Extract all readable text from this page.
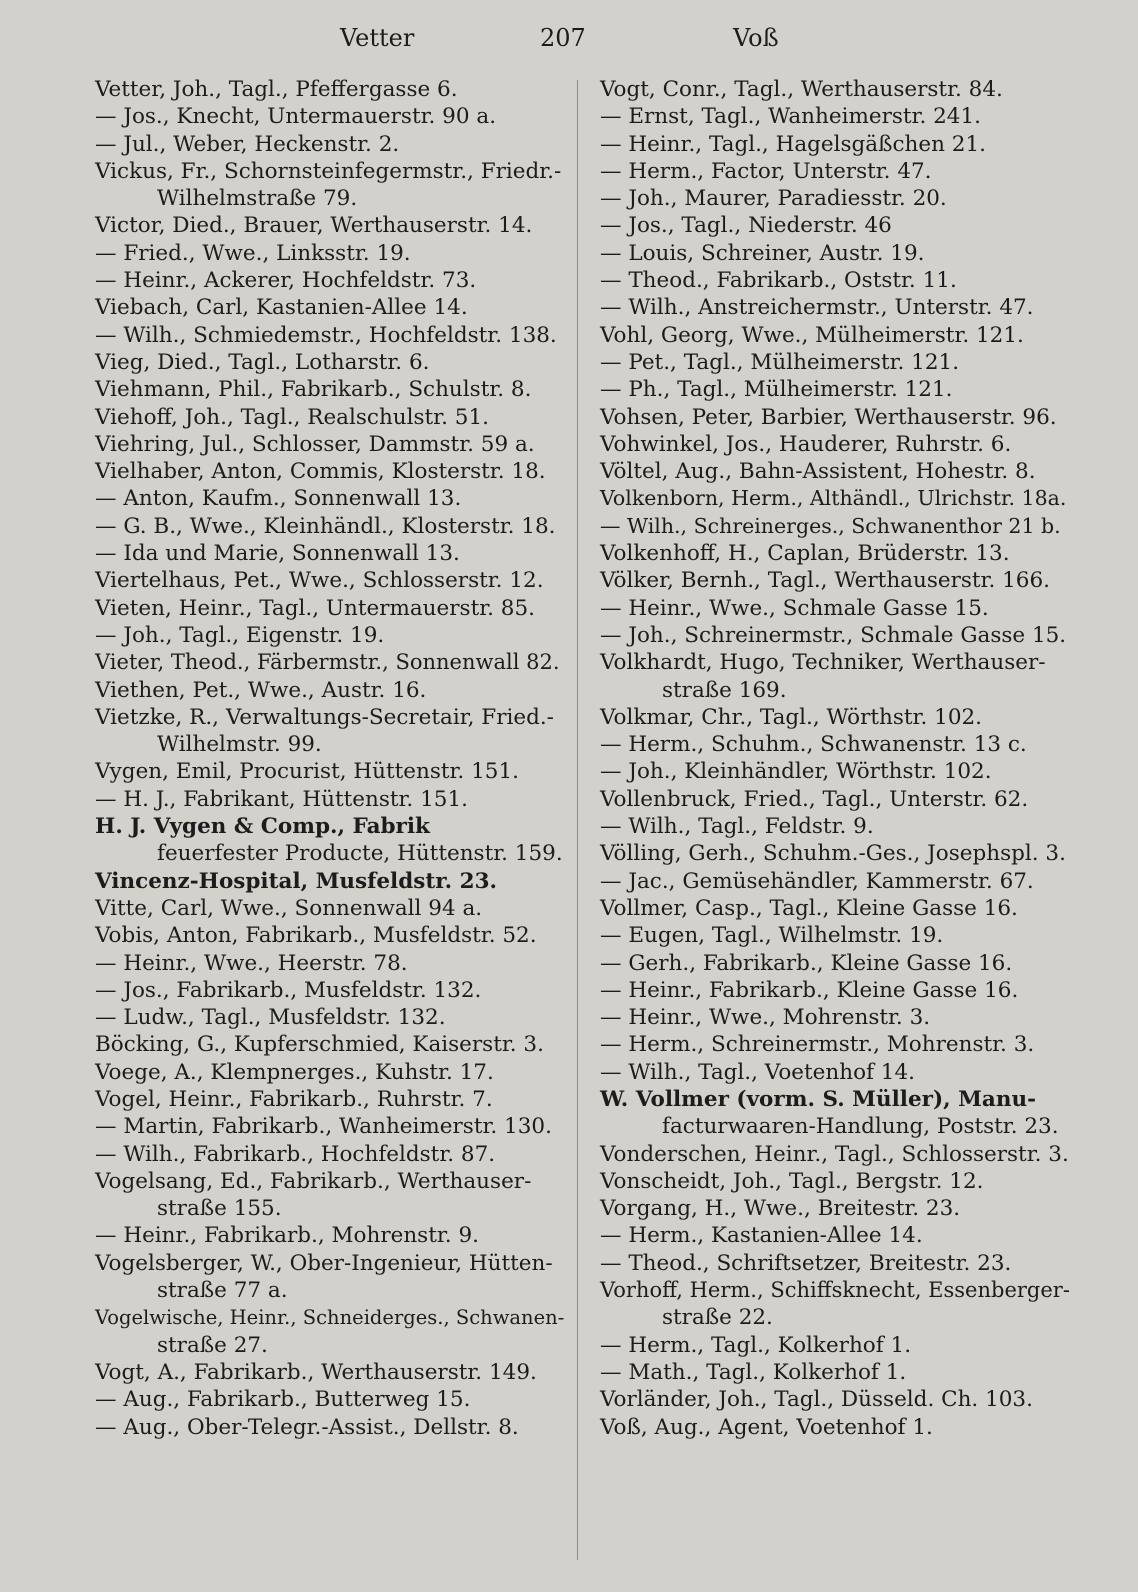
Vetter	207	Voß
Vetter, Joh., Tagl., Pfeffergasse 6.
— Jos., Knecht, Untermauerstr. 90 a.
— Jul., Weber, Heckenstr. 2.
Vickus, Fr., Schornsteinfegermstr., Friedr.-
Wilhelmstraße 79.
Victor, Died., Brauer, Werthauserstr. 14.
— Fried., Wwe., Linksstr. 19.
— Heinr., Ackerer, Hochfeldstr. 73.
Viebach, Carl, Kastanien-Allee 14.
— Wilh., Schmiedemstr., Hochfeldstr. 138.
Vieg, Died., Tagl., Lotharstr. 6.
Viehmann, Phil., Fabrikarb., Schulstr. 8.
Viehoff, Joh., Tagl., Realschulstr. 51.
Viehring, Jul., Schlosser, Dammstr. 59 a.
Vielhaber, Anton, Commis, Klosterstr. 18.
— Anton, Kaufm., Sonnenwall 13.
— G. B., Wwe., Kleinhändl., Klosterstr. 18.
— Ida und Marie, Sonnenwall 13.
Viertelhaus, Pet., Wwe., Schlosserstr. 12.
Vieten, Heinr., Tagl., Untermauerstr. 85.
— Joh., Tagl., Eigenstr. 19.
Vieter, Theod., Färbermstr., Sonnenwall 82.
Viethen, Pet., Wwe., Austr. 16.
Vietzke, R., Verwaltungs-Secretair, Fried.-
Wilhelmstr. 99.
Vygen, Emil, Procurist, Hüttenstr. 151.
— H. J., Fabrikant, Hüttenstr. 151.
H. J. Vygen & Comp., Fabrik
feuerfester Producte, Hüttenstr. 159.
Vincenz-Hospital, Musfeldstr. 23.
Vitte, Carl, Wwe., Sonnenwall 94 a.
Vobis, Anton, Fabrikarb., Musfeldstr. 52.
— Heinr., Wwe., Heerstr. 78.
— Jos., Fabrikarb., Musfeldstr. 132.
— Ludw., Tagl., Musfeldstr. 132.
Böcking, G., Kupferschmied, Kaiserstr. 3.
Voege, A., Klempnerges., Kuhstr. 17.
Vogel, Heinr., Fabrikarb., Ruhrstr. 7.
— Martin, Fabrikarb., Wanheimerstr. 130.
— Wilh., Fabrikarb., Hochfeldstr. 87.
Vogelsang, Ed., Fabrikarb., Werthauser-
straße 155.
— Heinr., Fabrikarb., Mohrenstr. 9.
Vogelsberger, W., Ober-Ingenieur, Hütten-
straße 77 a.
Vogelwische, Heinr., Schneiderges., Schwanen-
straße 27.
Vogt, A., Fabrikarb., Werthauserstr. 149.
— Aug., Fabrikarb., Butterweg 15.
— Aug., Ober-Telegr.-Assist., Dellstr. 8.
Vogt, Conr., Tagl., Werthauserstr. 84.
— Ernst, Tagl., Wanheimerstr. 241.
— Heinr., Tagl., Hagelsgäßchen 21.
— Herm., Factor, Unterstr. 47.
— Joh., Maurer, Paradiesstr. 20.
— Jos., Tagl., Niederstr. 46
— Louis, Schreiner, Austr. 19.
— Theod., Fabrikarb., Oststr. 11.
— Wilh., Anstreichermstr., Unterstr. 47.
Vohl, Georg, Wwe., Mülheimerstr. 121.
— Pet., Tagl., Mülheimerstr. 121.
— Ph., Tagl., Mülheimerstr. 121.
Vohsen, Peter, Barbier, Werthauserstr. 96.
Vohwinkel, Jos., Hauderer, Ruhrstr. 6.
Völtel, Aug., Bahn-Assistent, Hohestr. 8.
Volkenborn, Herm., Althändl., Ulrichstr. 18a.
— Wilh., Schreinerges., Schwanenthor 21 b.
Volkenhoff, H., Caplan, Brüderstr. 13.
Völker, Bernh., Tagl., Werthauserstr. 166.
— Heinr., Wwe., Schmale Gasse 15.
— Joh., Schreinermstr., Schmale Gasse 15.
Volkhardt, Hugo, Techniker, Werthauser-
straße 169.
Volkmar, Chr., Tagl., Wörthstr. 102.
— Herm., Schuhm., Schwanenstr. 13 c.
— Joh., Kleinhändler, Wörthstr. 102.
Vollenbruck, Fried., Tagl., Unterstr. 62.
— Wilh., Tagl., Feldstr. 9.
Völling, Gerh., Schuhm.-Ges., Josephspl. 3.
— Jac., Gemüsehändler, Kammerstr. 67.
Vollmer, Casp., Tagl., Kleine Gasse 16.
— Eugen, Tagl., Wilhelmstr. 19.
— Gerh., Fabrikarb., Kleine Gasse 16.
— Heinr., Fabrikarb., Kleine Gasse 16.
— Heinr., Wwe., Mohrenstr. 3.
— Herm., Schreinermstr., Mohrenstr. 3.
— Wilh., Tagl., Voetenhof 14.
W. Vollmer (vorm. S. Müller), Manu-
facturwaaren-Handlung, Poststr. 23.
Vonderschen, Heinr., Tagl., Schlosserstr. 3.
Vonscheidt, Joh., Tagl., Bergstr. 12.
Vorgang, H., Wwe., Breitestr. 23.
— Herm., Kastanien-Allee 14.
— Theod., Schriftsetzer, Breitestr. 23.
Vorhoff, Herm., Schiffsknecht, Essenberger-
straße 22.
— Herm., Tagl., Kolkerhof 1.
— Math., Tagl., Kolkerhof 1.
Vorländer, Joh., Tagl., Düsseld. Ch. 103.
Voß, Aug., Agent, Voetenhof 1.
